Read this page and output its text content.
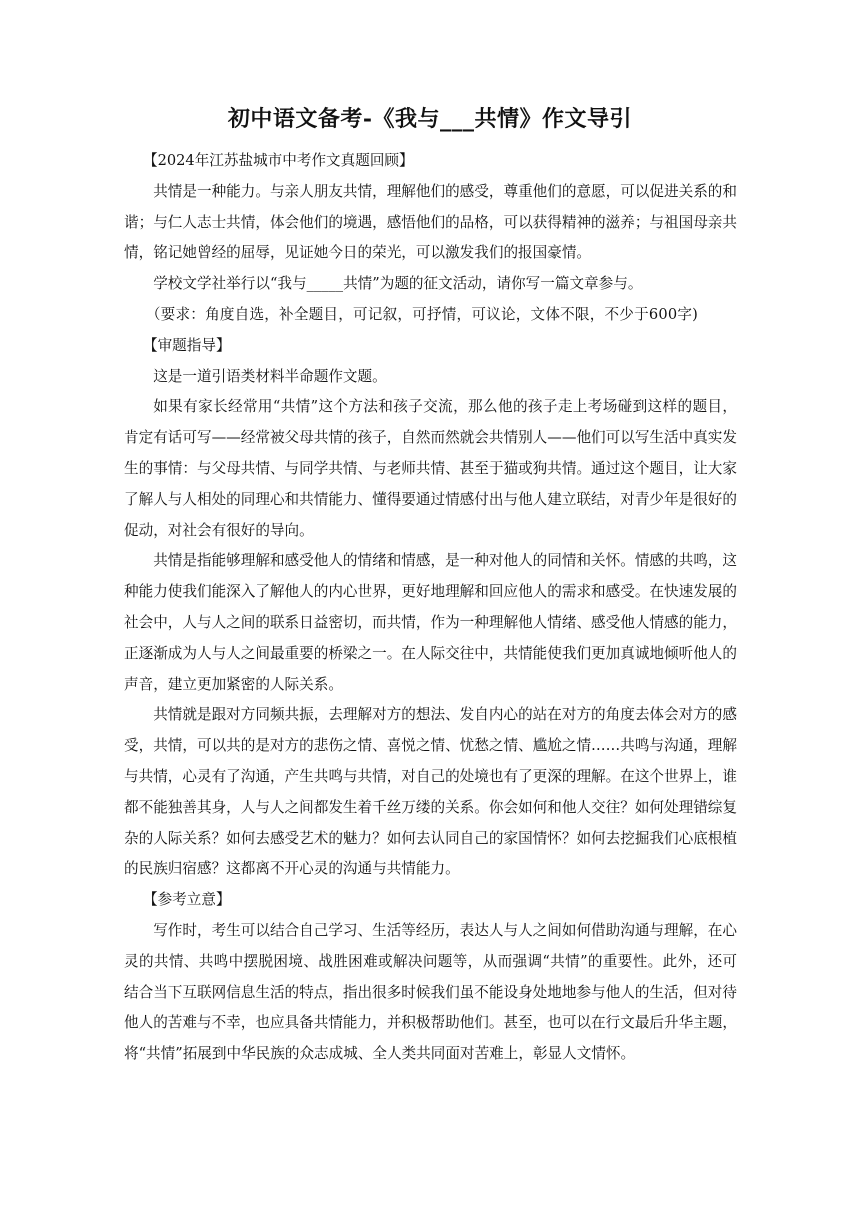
初中语文备考-《我与___共情》作文导引

【2024年江苏盐城市中考作文真题回顾】

共情是一种能力。与亲人朋友共情，理解他们的感受，尊重他们的意愿，可以促进关系的和谐；与仁人志士共情，体会他们的境遇，感悟他们的品格，可以获得精神的滋养；与祖国母亲共情，铭记她曾经的屈辱，见证她今日的荣光，可以激发我们的报国豪情。

学校文学社举行以“我与_____共情”为题的征文活动，请你写一篇文章参与。

（要求：角度自选，补全题目，可记叙，可抒情，可议论，文体不限，不少于600字)

【审题指导】

这是一道引语类材料半命题作文题。

如果有家长经常用“共情”这个方法和孩子交流，那么他的孩子走上考场碰到这样的题目，肯定有话可写——经常被父母共情的孩子，自然而然就会共情别人——他们可以写生活中真实发生的事情：与父母共情、与同学共情、与老师共情、甚至于猫或狗共情。通过这个题目，让大家了解人与人相处的同理心和共情能力、懂得要通过情感付出与他人建立联结，对青少年是很好的促动，对社会有很好的导向。

共情是指能够理解和感受他人的情绪和情感，是一种对他人的同情和关怀。情感的共鸣，这种能力使我们能深入了解他人的内心世界，更好地理解和回应他人的需求和感受。在快速发展的社会中，人与人之间的联系日益密切，而共情，作为一种理解他人情绪、感受他人情感的能力，正逐渐成为人与人之间最重要的桥梁之一。在人际交往中，共情能使我们更加真诚地倾听他人的声音，建立更加紧密的人际关系。

共情就是跟对方同频共振，去理解对方的想法、发自内心的站在对方的角度去体会对方的感受，共情，可以共的是对方的悲伤之情、喜悦之情、忧愁之情、尴尬之情……共鸣与沟通，理解与共情，心灵有了沟通，产生共鸣与共情，对自己的处境也有了更深的理解。在这个世界上，谁都不能独善其身，人与人之间都发生着千丝万缕的关系。你会如何和他人交往？如何处理错综复杂的人际关系？如何去感受艺术的魅力？如何去认同自己的家国情怀？如何去挖掘我们心底根植的民族归宿感？这都离不开心灵的沟通与共情能力。

【参考立意】

写作时，考生可以结合自己学习、生活等经历，表达人与人之间如何借助沟通与理解，在心灵的共情、共鸣中摆脱困境、战胜困难或解决问题等，从而强调“共情”的重要性。此外，还可结合当下互联网信息生活的特点，指出很多时候我们虽不能设身处地地参与他人的生活，但对待他人的苦难与不幸，也应具备共情能力，并积极帮助他们。甚至，也可以在行文最后升华主题，将“共情”拓展到中华民族的众志成城、全人类共同面对苦难上，彰显人文情怀。
